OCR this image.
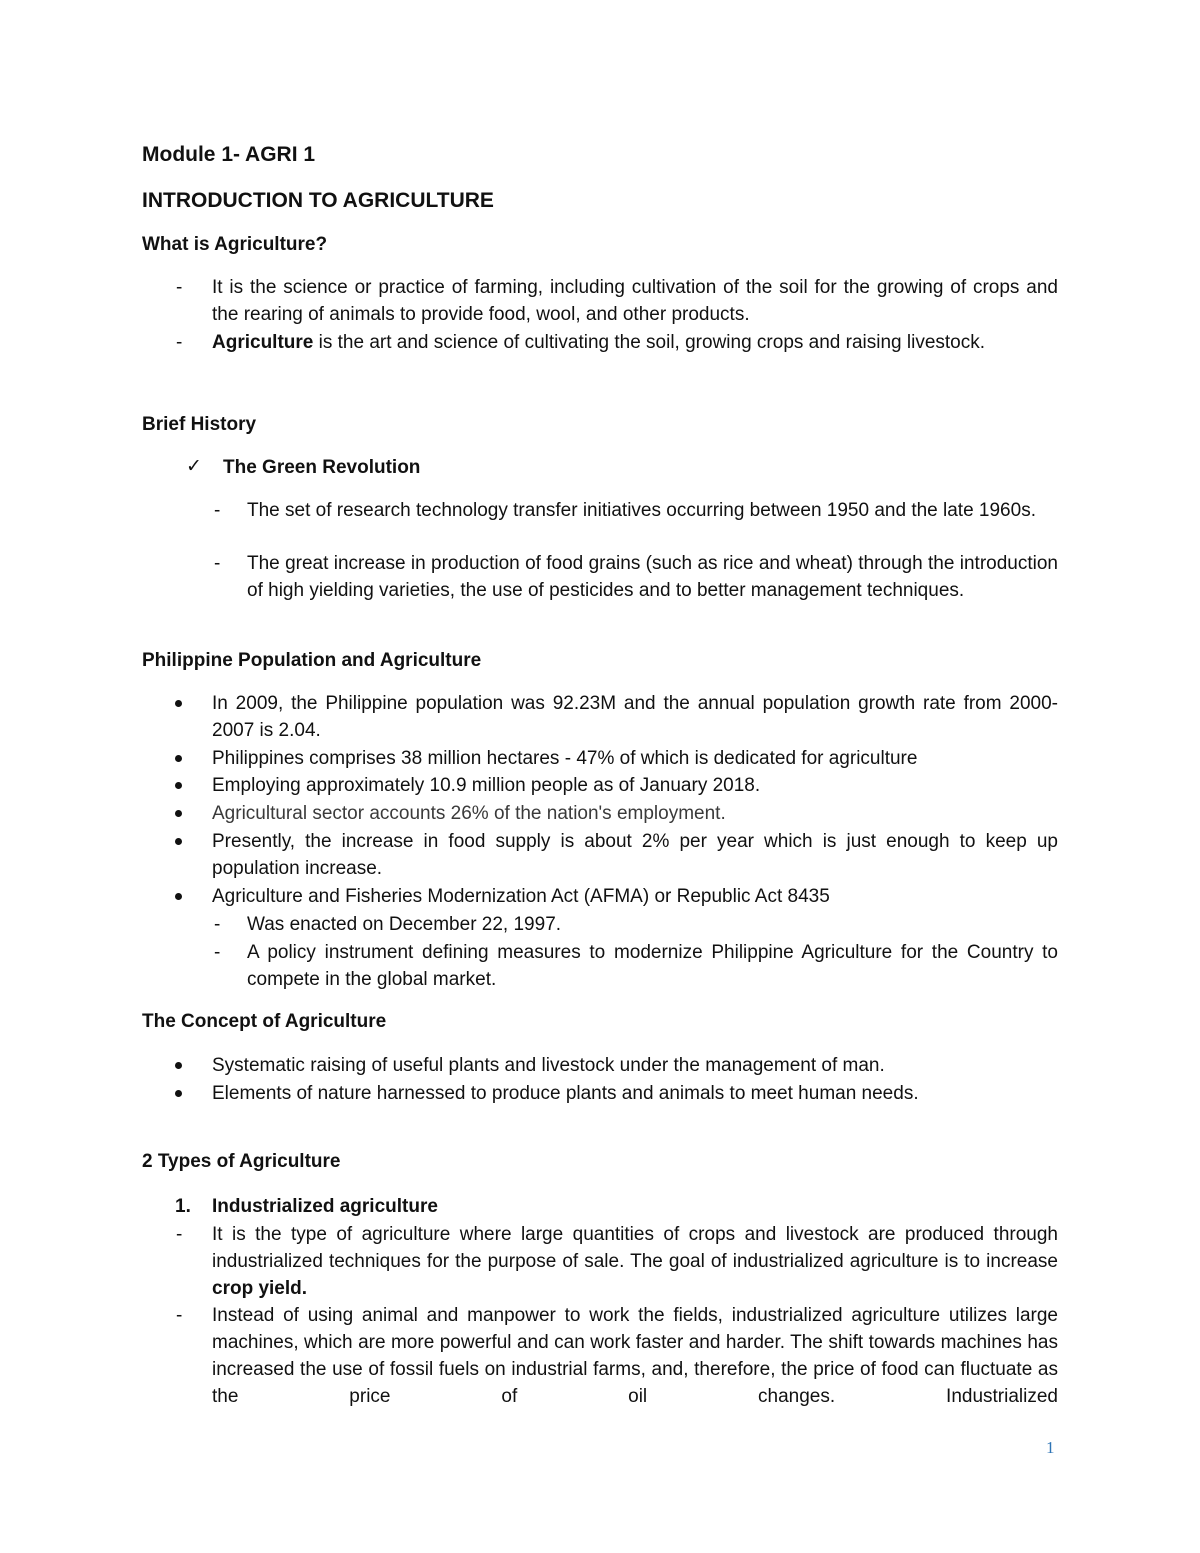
Module 1- AGRI 1
INTRODUCTION TO AGRICULTURE
What is Agriculture?
- It is the science or practice of farming, including cultivation of the soil for the growing of crops and the rearing of animals to provide food, wool, and other products.
- Agriculture is the art and science of cultivating the soil, growing crops and raising livestock.
Brief History
✓ The Green Revolution
- The set of research technology transfer initiatives occurring between 1950 and the late 1960s.
- The great increase in production of food grains (such as rice and wheat) through the introduction of high yielding varieties, the use of pesticides and to better management techniques.
Philippine Population and Agriculture
In 2009, the Philippine population was 92.23M and the annual population growth rate from 2000-2007 is 2.04.
Philippines comprises 38 million hectares - 47% of which is dedicated for agriculture
Employing approximately 10.9 million people as of January 2018.
Agricultural sector accounts 26% of the nation's employment.
Presently, the increase in food supply is about 2% per year which is just enough to keep up population increase.
Agriculture and Fisheries Modernization Act (AFMA) or Republic Act 8435
- Was enacted on December 22, 1997.
- A policy instrument defining measures to modernize Philippine Agriculture for the Country to compete in the global market.
The Concept of Agriculture
Systematic raising of useful plants and livestock under the management of man.
Elements of nature harnessed to produce plants and animals to meet human needs.
2 Types of Agriculture
1. Industrialized agriculture
- It is the type of agriculture where large quantities of crops and livestock are produced through industrialized techniques for the purpose of sale. The goal of industrialized agriculture is to increase crop yield.
- Instead of using animal and manpower to work the fields, industrialized agriculture utilizes large machines, which are more powerful and can work faster and harder. The shift towards machines has increased the use of fossil fuels on industrial farms, and, therefore, the price of food can fluctuate as the price of oil changes. Industrialized
1
